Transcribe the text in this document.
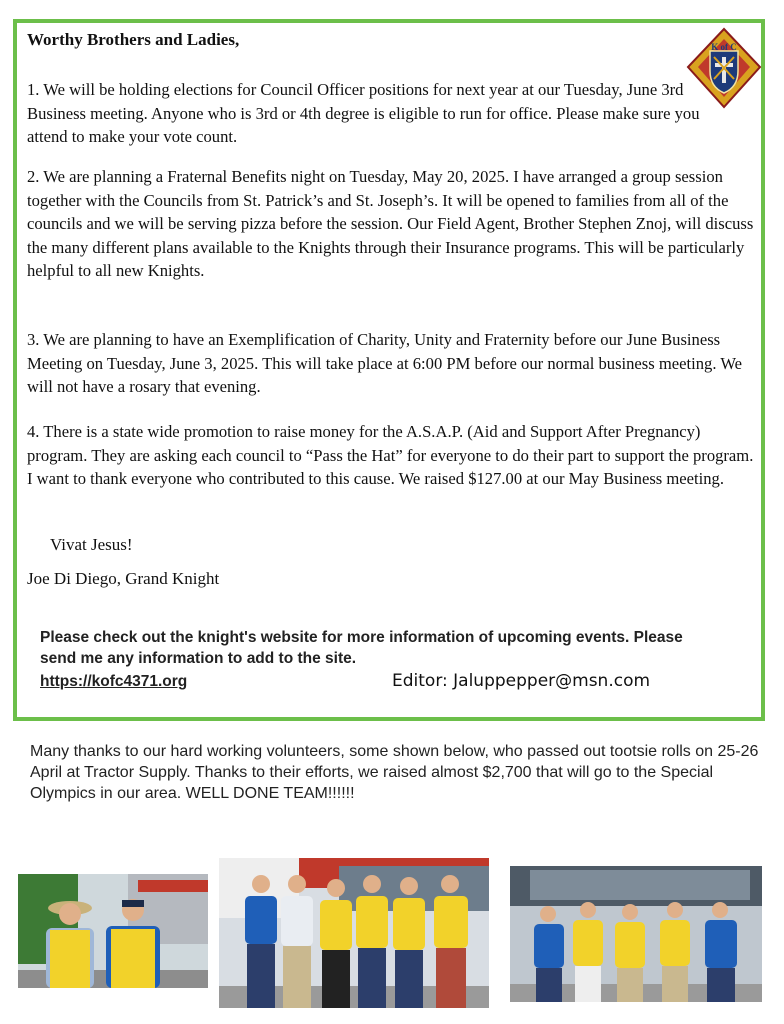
Worthy Brothers and Ladies,

1. We will be holding elections for Council Officer positions for next year at our Tuesday, June 3rd Business meeting. Anyone who is 3rd or 4th degree is eligible to run for office. Please make sure you attend to make your vote count.

2. We are planning a Fraternal Benefits night on Tuesday, May 20, 2025. I have arranged a group session together with the Councils from St. Patrick’s and St. Joseph’s. It will be opened to families from all of the councils and we will be serving pizza before the session. Our Field Agent, Brother Stephen Znoj, will discuss the many different plans available to the Knights through their Insurance programs. This will be particularly helpful to all new Knights.

3. We are planning to have an Exemplification of Charity, Unity and Fraternity before our June Business Meeting on Tuesday, June 3, 2025. This will take place at 6:00 PM before our normal business meeting. We will not have a rosary that evening.

4. There is a state wide promotion to raise money for the A.S.A.P. (Aid and Support After Pregnancy) program. They are asking each council to “Pass the Hat” for everyone to do their part to support the program. I want to thank everyone who contributed to this cause. We raised $127.00 at our May Business meeting.

Vivat Jesus!
Joe Di Diego, Grand Knight
Please check out the knight's website for more information of upcoming events. Please send me any information to add to the site.
https://kofc4371.org	Editor: Jaluppepper@msn.com
K of C
Many thanks to our hard working volunteers, some shown below, who passed out tootsie rolls on 25-26 April at Tractor Supply. Thanks to their efforts, we raised almost $2,700 that will go to the Special Olympics in our area. WELL DONE TEAM!!!!!!
